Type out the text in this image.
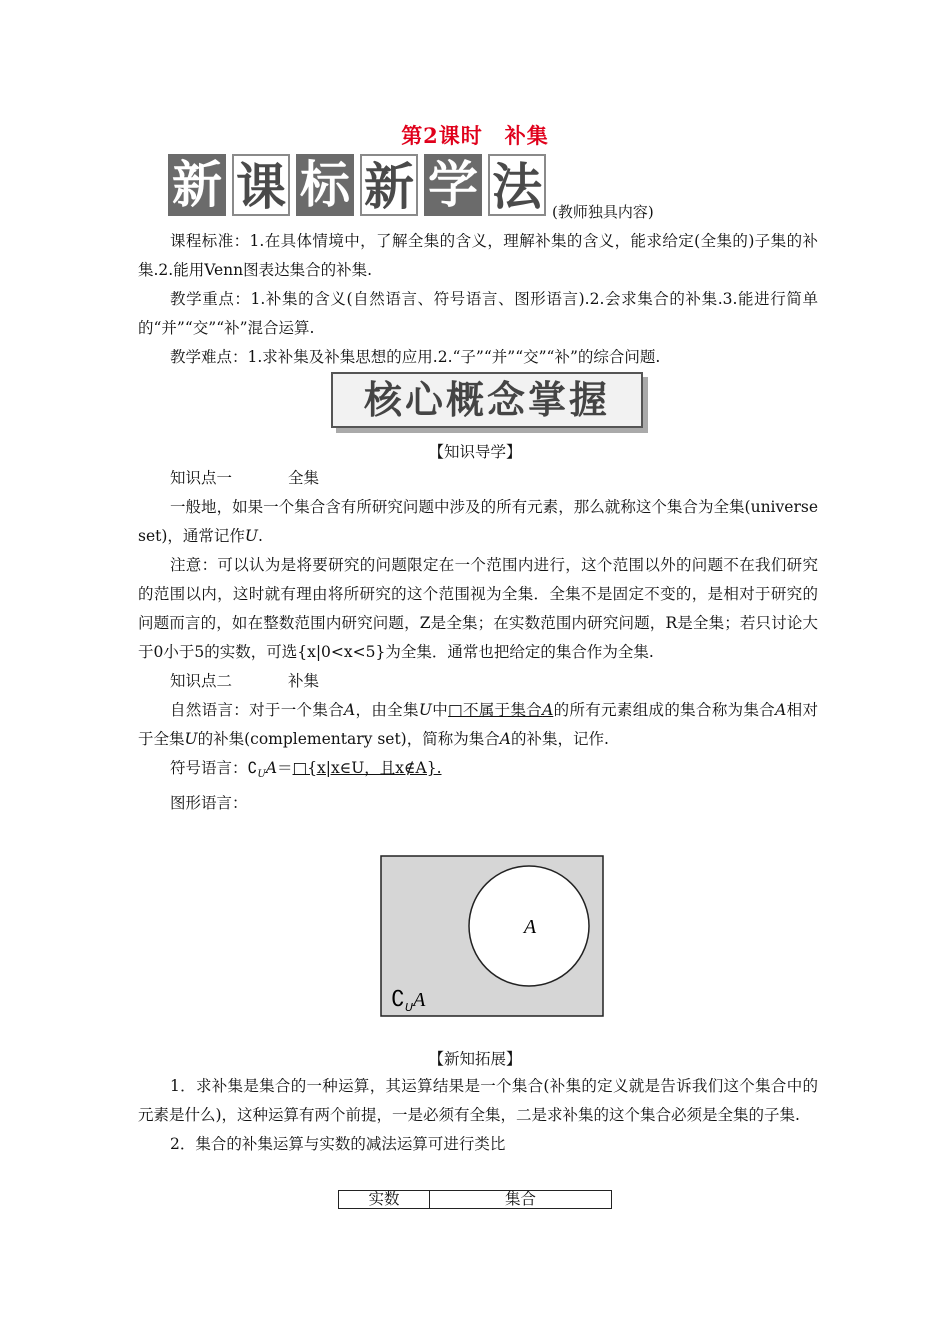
第2课时　补集
新 课 标 新 学 法 (教师独具内容)

课程标准：1.在具体情境中，了解全集的含义，理解补集的含义，能求给定(全集的)子集的补集.2.能用Venn图表达集合的补集.

教学重点：1.补集的含义(自然语言、符号语言、图形语言).2.会求集合的补集.3.能进行简单的“并”“交”“补”混合运算.

教学难点：1.求补集及补集思想的应用.2.“子”“并”“交”“补”的综合问题.

核心概念掌握
【知识导学】

知识点一	全集

一般地，如果一个集合含有所研究问题中涉及的所有元素，那么就称这个集合为全集(universe set)，通常记作U.

注意：可以认为是将要研究的问题限定在一个范围内进行，这个范围以外的问题不在我们研究的范围以内，这时就有理由将所研究的这个范围视为全集．全集不是固定不变的，是相对于研究的问题而言的，如在整数范围内研究问题，Z是全集；在实数范围内研究问题，R是全集；若只讨论大于0小于5的实数，可选{x|0<x<5}为全集．通常也把给定的集合作为全集.

知识点二	补集

自然语言：对于一个集合A，由全集U中□不属于集合A的所有元素组成的集合称为集合A相对于全集U的补集(complementary set)，简称为集合A的补集，记作.

符号语言：$∁_UA=□\{x|x\in U$，且x∉A}.

图形语言：

A
$∁_UA$
【新知拓展】

1．求补集是集合的一种运算，其运算结果是一个集合(补集的定义就是告诉我们这个集合中的元素是什么)，这种运算有两个前提，一是必须有全集，二是求补集的这个集合必须是全集的子集.

2．集合的补集运算与实数的减法运算可进行类比

实数	集合
